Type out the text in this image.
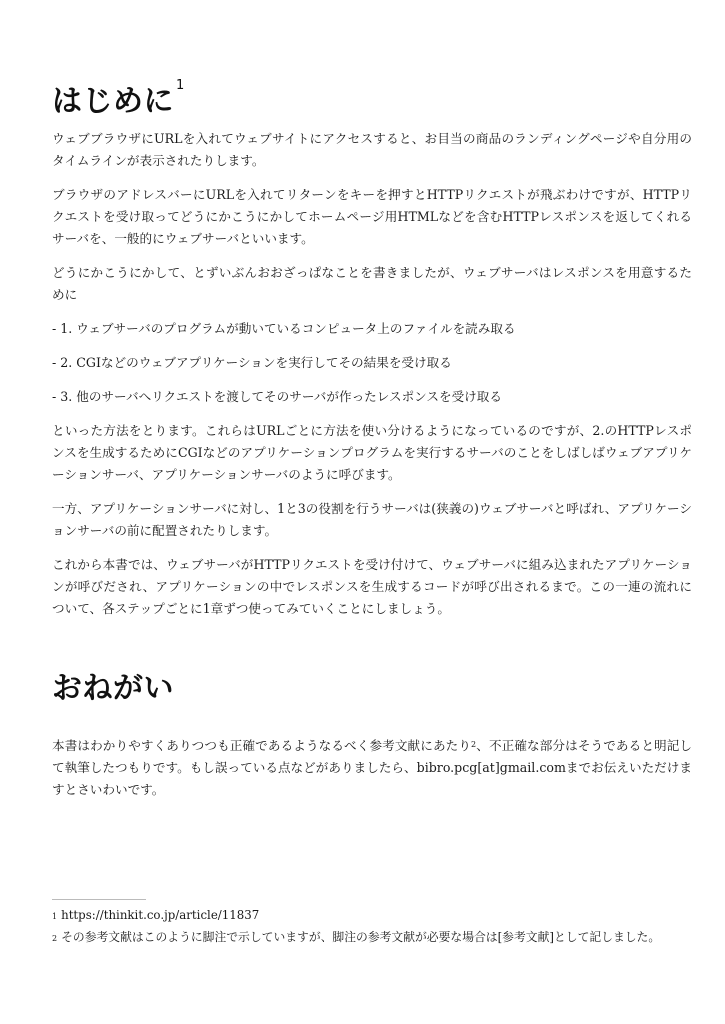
はじめに $^1$

ウェブブラウザにURLを入れてウェブサイトにアクセスすると、お目当の商品のランディングページや自分用のタイムラインが表示されたりします。

ブラウザのアドレスバーにURLを入れてリターンをキーを押すとHTTPリクエストが飛ぶわけですが、HTTPリクエストを受け取ってどうにかこうにかしてホームページ用HTMLなどを含むHTTPレスポンスを返してくれるサーバを、一般的にウェブサーバといいます。

どうにかこうにかして、とずいぶんおおざっぱなことを書きましたが、ウェブサーバはレスポンスを用意するために

- 1. ウェブサーバのプログラムが動いているコンピュータ上のファイルを読み取る

- 2. CGIなどのウェブアプリケーションを実行してその結果を受け取る

- 3. 他のサーバへリクエストを渡してそのサーバが作ったレスポンスを受け取る

といった方法をとります。これらはURLごとに方法を使い分けるようになっているのですが、2.のHTTPレスポンスを生成するためにCGIなどのアプリケーションプログラムを実行するサーバのことをしばしばウェブアプリケーションサーバ、アプリケーションサーバのように呼びます。

一方、アプリケーションサーバに対し、1と3の役割を行うサーバは(狭義の)ウェブサーバと呼ばれ、アプリケーションサーバの前に配置されたりします。

これから本書では、ウェブサーバがHTTPリクエストを受け付けて、ウェブサーバに組み込まれたアプリケーションが呼びだされ、アプリケーションの中でレスポンスを生成するコードが呼び出されるまで。この一連の流れについて、各ステップごとに1章ずつ使ってみていくことにしましょう。

おねがい

本書はわかりやすくありつつも正確であるようなるべく参考文献にあたり$^2$、不正確な部分はそうであると明記して執筆したつもりです。もし誤っている点などがありましたら、bibro.pcg[at]gmail.comまでお伝えいただけますとさいわいです。

$^1$ https://thinkit.co.jp/article/11837
$^2$ その参考文献はこのように脚注で示していますが、脚注の参考文献が必要な場合は[参考文献]として記しました。
